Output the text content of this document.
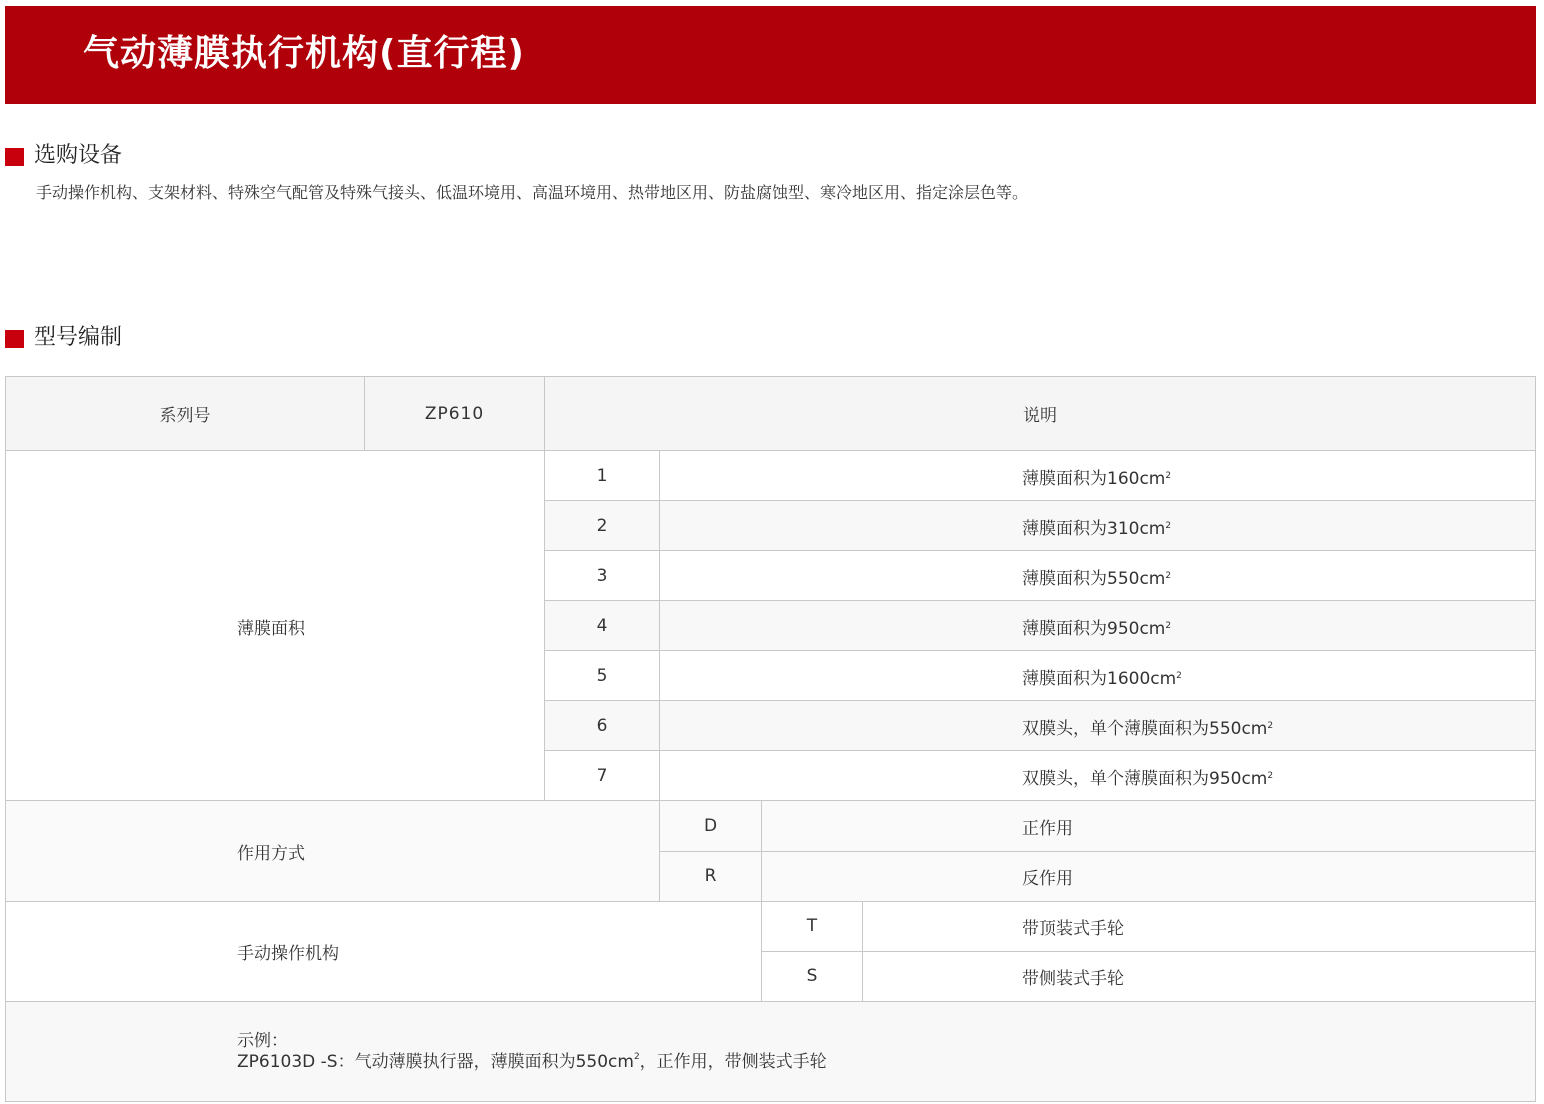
气动薄膜执行机构(直行程)
选购设备
手动操作机构、支架材料、特殊空气配管及特殊气接头、低温环境用、高温环境用、热带地区用、防盐腐蚀型、寒冷地区用、指定涂层色等。
型号编制
系列号	ZP610	说明
薄膜面积
1	薄膜面积为160cm 2
2	薄膜面积为310cm 2
3	薄膜面积为550cm 2
4	薄膜面积为950cm 2
5	薄膜面积为1600cm 2
6	双膜头，单个薄膜面积为550cm 2
7	双膜头，单个薄膜面积为950cm 2
作用方式
D	正作用
R	反作用
手动操作机构
T	带顶装式手轮
S	带侧装式手轮
示例：
ZP6103D -S：气动薄膜执行器，薄膜面积为$550cm^2$，正作用，带侧装式手轮
